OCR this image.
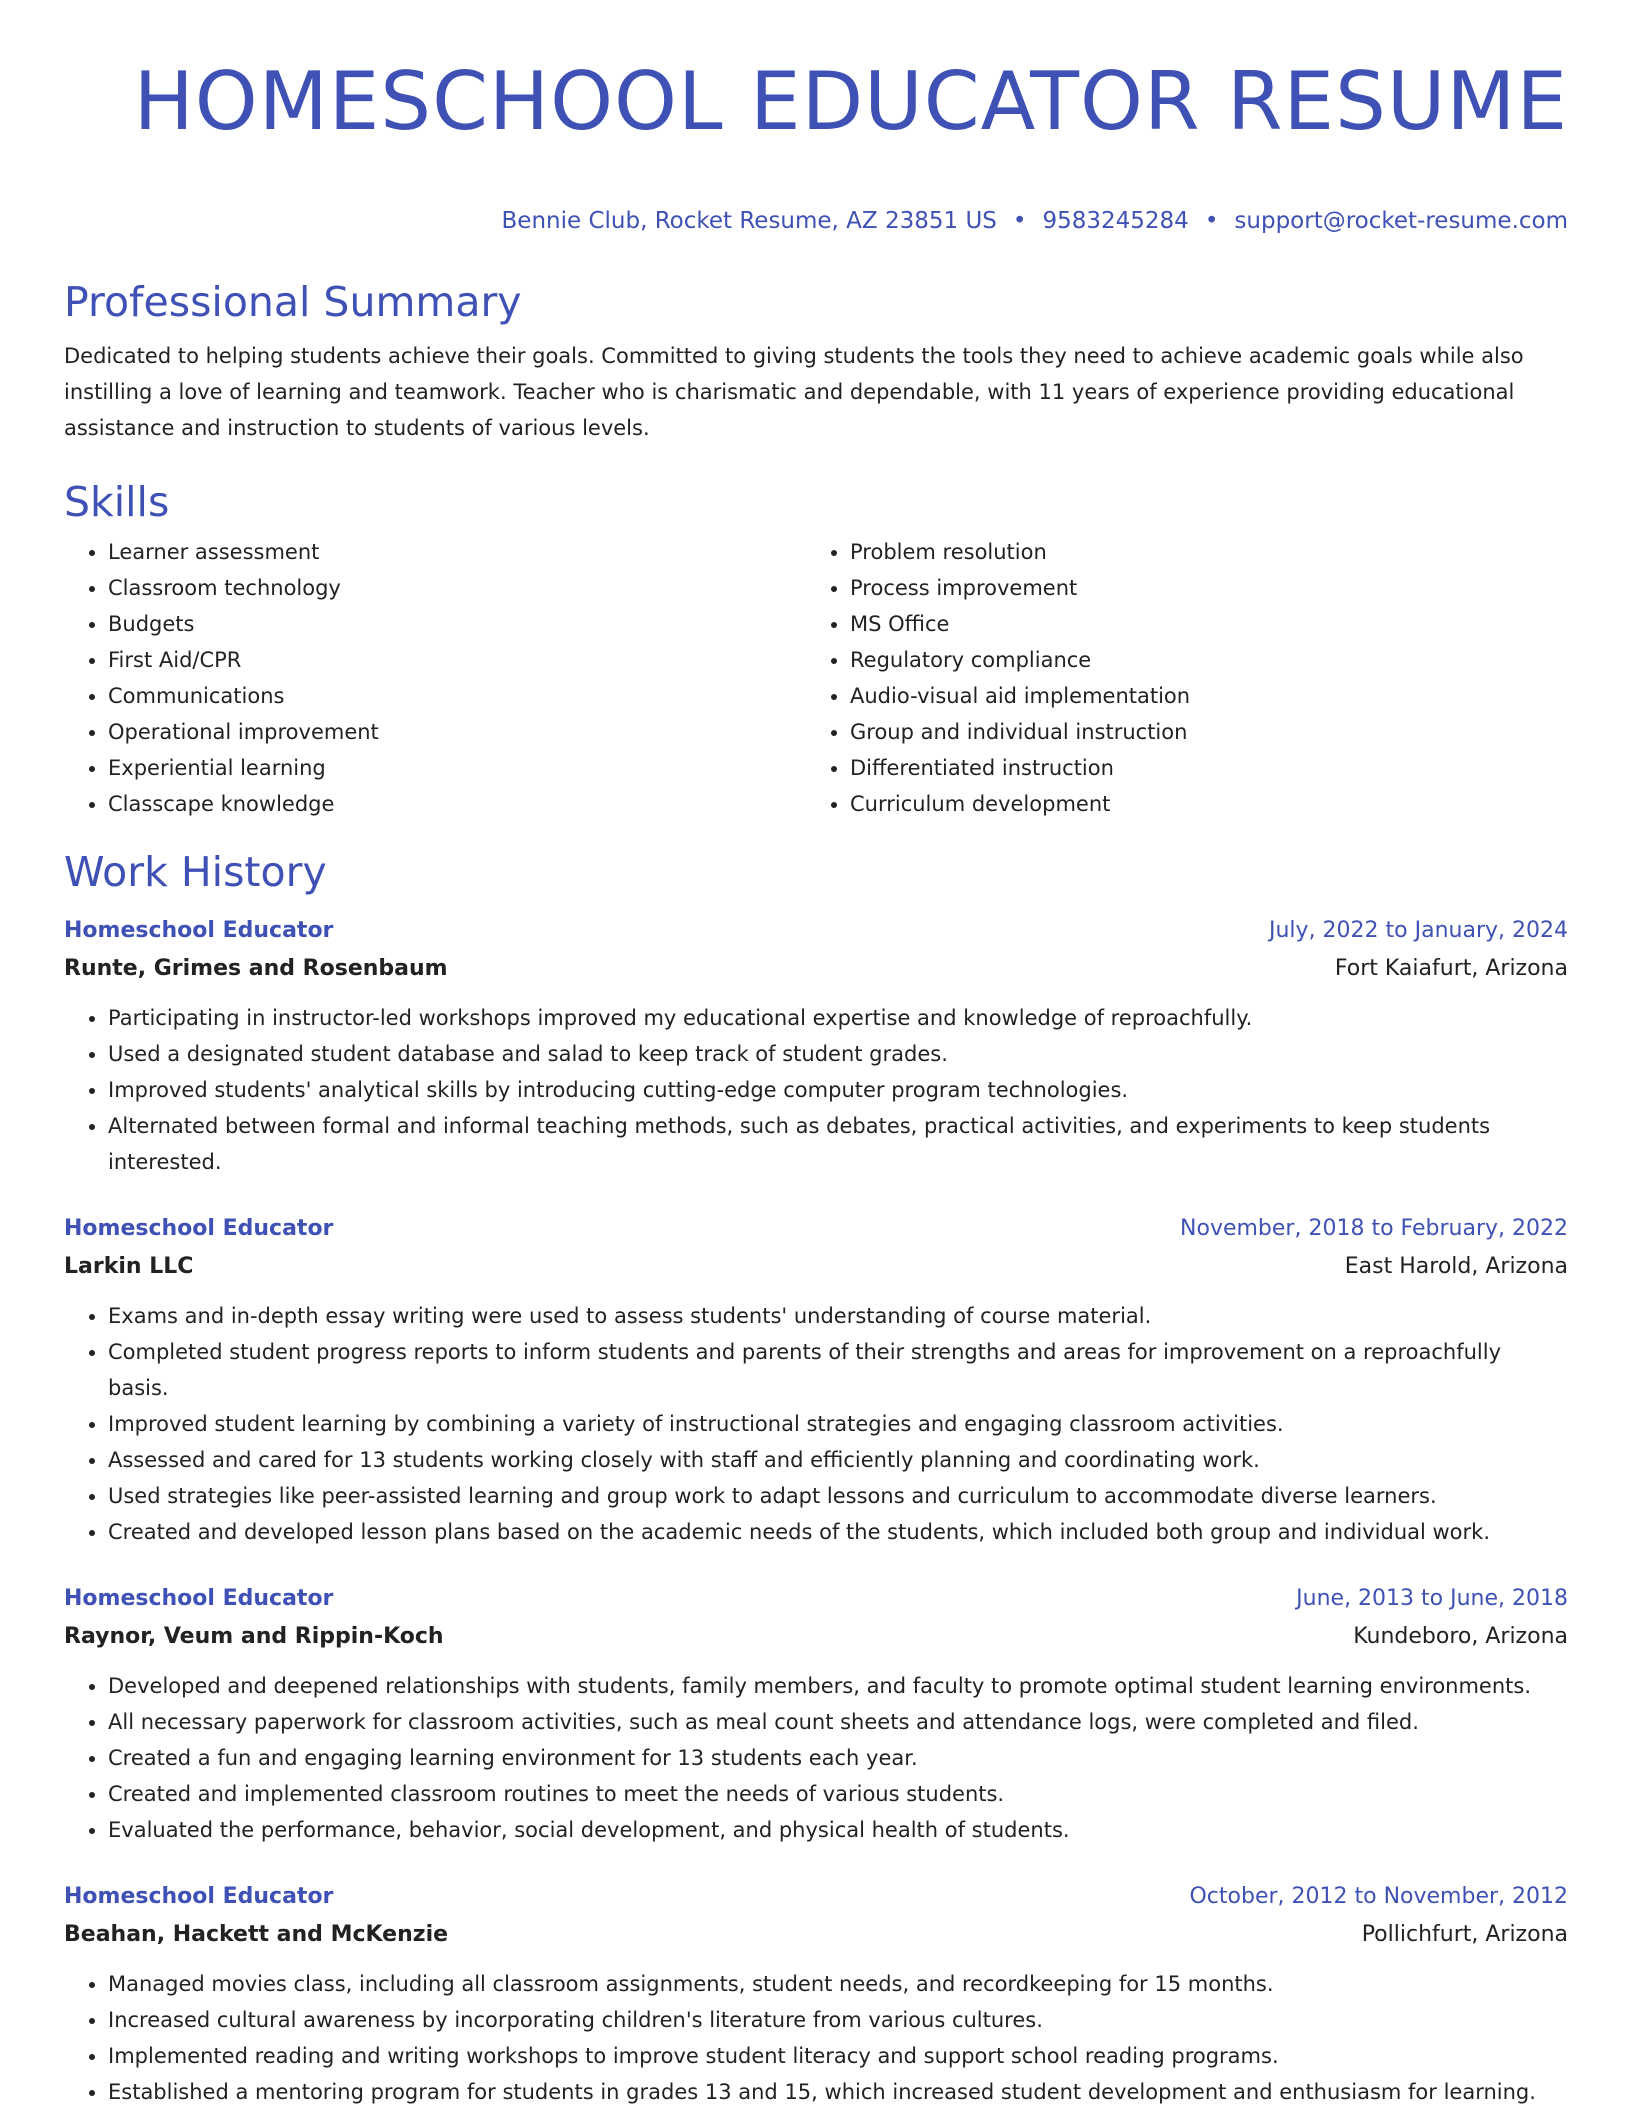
HOMESCHOOL EDUCATOR RESUME
Bennie Club, Rocket Resume, AZ 23851 US • 9583245284 • support@rocket-resume.com
Professional Summary

Dedicated to helping students achieve their goals. Committed to giving students the tools they need to achieve academic goals while also instilling a love of learning and teamwork. Teacher who is charismatic and dependable, with 11 years of experience providing educational assistance and instruction to students of various levels.

Skills
• Learner assessment
• Classroom technology
• Budgets
• First Aid/CPR
• Communications
• Operational improvement
• Experiential learning
• Classcape knowledge
• Problem resolution
• Process improvement
• MS Office
• Regulatory compliance
• Audio-visual aid implementation
• Group and individual instruction
• Differentiated instruction
• Curriculum development
Work History
Homeschool Educator	July, 2022 to January, 2024
Runte, Grimes and Rosenbaum	Fort Kaiafurt, Arizona
• Participating in instructor-led workshops improved my educational expertise and knowledge of reproachfully.
• Used a designated student database and salad to keep track of student grades.
• Improved students' analytical skills by introducing cutting-edge computer program technologies.
• Alternated between formal and informal teaching methods, such as debates, practical activities, and experiments to keep students interested.
Homeschool Educator	November, 2018 to February, 2022
Larkin LLC	East Harold, Arizona
• Exams and in-depth essay writing were used to assess students' understanding of course material.
• Completed student progress reports to inform students and parents of their strengths and areas for improvement on a reproachfully basis.
• Improved student learning by combining a variety of instructional strategies and engaging classroom activities.
• Assessed and cared for 13 students working closely with staff and efficiently planning and coordinating work.
• Used strategies like peer-assisted learning and group work to adapt lessons and curriculum to accommodate diverse learners.
• Created and developed lesson plans based on the academic needs of the students, which included both group and individual work.
Homeschool Educator	June, 2013 to June, 2018
Raynor, Veum and Rippin-Koch	Kundeboro, Arizona
• Developed and deepened relationships with students, family members, and faculty to promote optimal student learning environments.
• All necessary paperwork for classroom activities, such as meal count sheets and attendance logs, were completed and filed.
• Created a fun and engaging learning environment for 13 students each year.
• Created and implemented classroom routines to meet the needs of various students.
• Evaluated the performance, behavior, social development, and physical health of students.
Homeschool Educator	October, 2012 to November, 2012
Beahan, Hackett and McKenzie	Pollichfurt, Arizona
• Managed movies class, including all classroom assignments, student needs, and recordkeeping for 15 months.
• Increased cultural awareness by incorporating children's literature from various cultures.
• Implemented reading and writing workshops to improve student literacy and support school reading programs.
• Established a mentoring program for students in grades 13 and 15, which increased student development and enthusiasm for learning.
